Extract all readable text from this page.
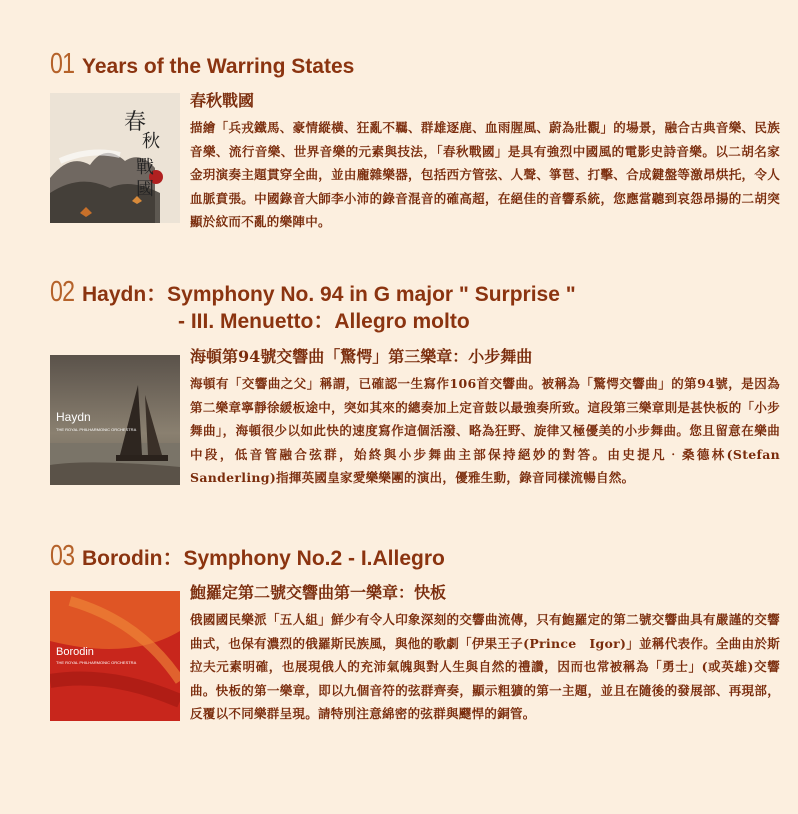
01 Years of the Warring States
春
秋
戰
國
春秋戰國

描繪「兵戎鐵馬、豪情縱橫、狂亂不羈、群雄逐鹿、血雨腥風、蔚為壯觀」的場景，融合古典音樂、民族音樂、流行音樂、世界音樂的元素與技法，「春秋戰國」是具有強烈中國風的電影史詩音樂。以二胡名家金玥演奏主題貫穿全曲，並由龐雜樂器，包括西方管弦、人聲、箏琶、打擊、合成鍵盤等激昂烘托，令人血脈賁張。中國錄音大師李小沛的錄音混音的確高超，在絕佳的音響系統，您應當聽到哀怨昂揚的二胡突顯於紋而不亂的樂陣中。

02 Haydn：Symphony No. 94 in G major " Surprise "
- III. Menuetto：Allegro molto
Haydn
THE ROYAL PHILHARMONIC ORCHESTRA
海頓第94號交響曲「驚愕」第三樂章：小步舞曲

海頓有「交響曲之父」稱謂，已確認一生寫作106首交響曲。被稱為「驚愕交響曲」的第94號，是因為第二樂章寧靜徐緩板途中，突如其來的總奏加上定音鼓以最強奏所致。這段第三樂章則是甚快板的「小步舞曲」，海頓很少以如此快的速度寫作這個活潑、略為狂野、旋律又極優美的小步舞曲。您且留意在樂曲中段，低音管融合弦群，始終與小步舞曲主部保持絕妙的對答。由史提凡‧桑德林(Stefan　Sanderling)指揮英國皇家愛樂樂團的演出，優雅生動，錄音同樣流暢自然。

03 Borodin：Symphony No.2 - I.Allegro
Borodin
THE ROYAL PHILHARMONIC ORCHESTRA
鮑羅定第二號交響曲第一樂章：快板

俄國國民樂派「五人組」鮮少有令人印象深刻的交響曲流傳，只有鮑羅定的第二號交響曲具有嚴謹的交響曲式，也保有濃烈的俄羅斯民族風，與他的歌劇「伊果王子(Prince　Igor)」並稱代表作。全曲由於斯拉夫元素明確，也展現俄人的充沛氣魄與對人生與自然的禮讚，因而也常被稱為「勇士」(或英雄)交響曲。快板的第一樂章，即以九個音符的弦群齊奏，顯示粗獷的第一主題，並且在隨後的發展部、再現部，反覆以不同樂群呈現。請特別注意綿密的弦群與飂悍的銅管。
